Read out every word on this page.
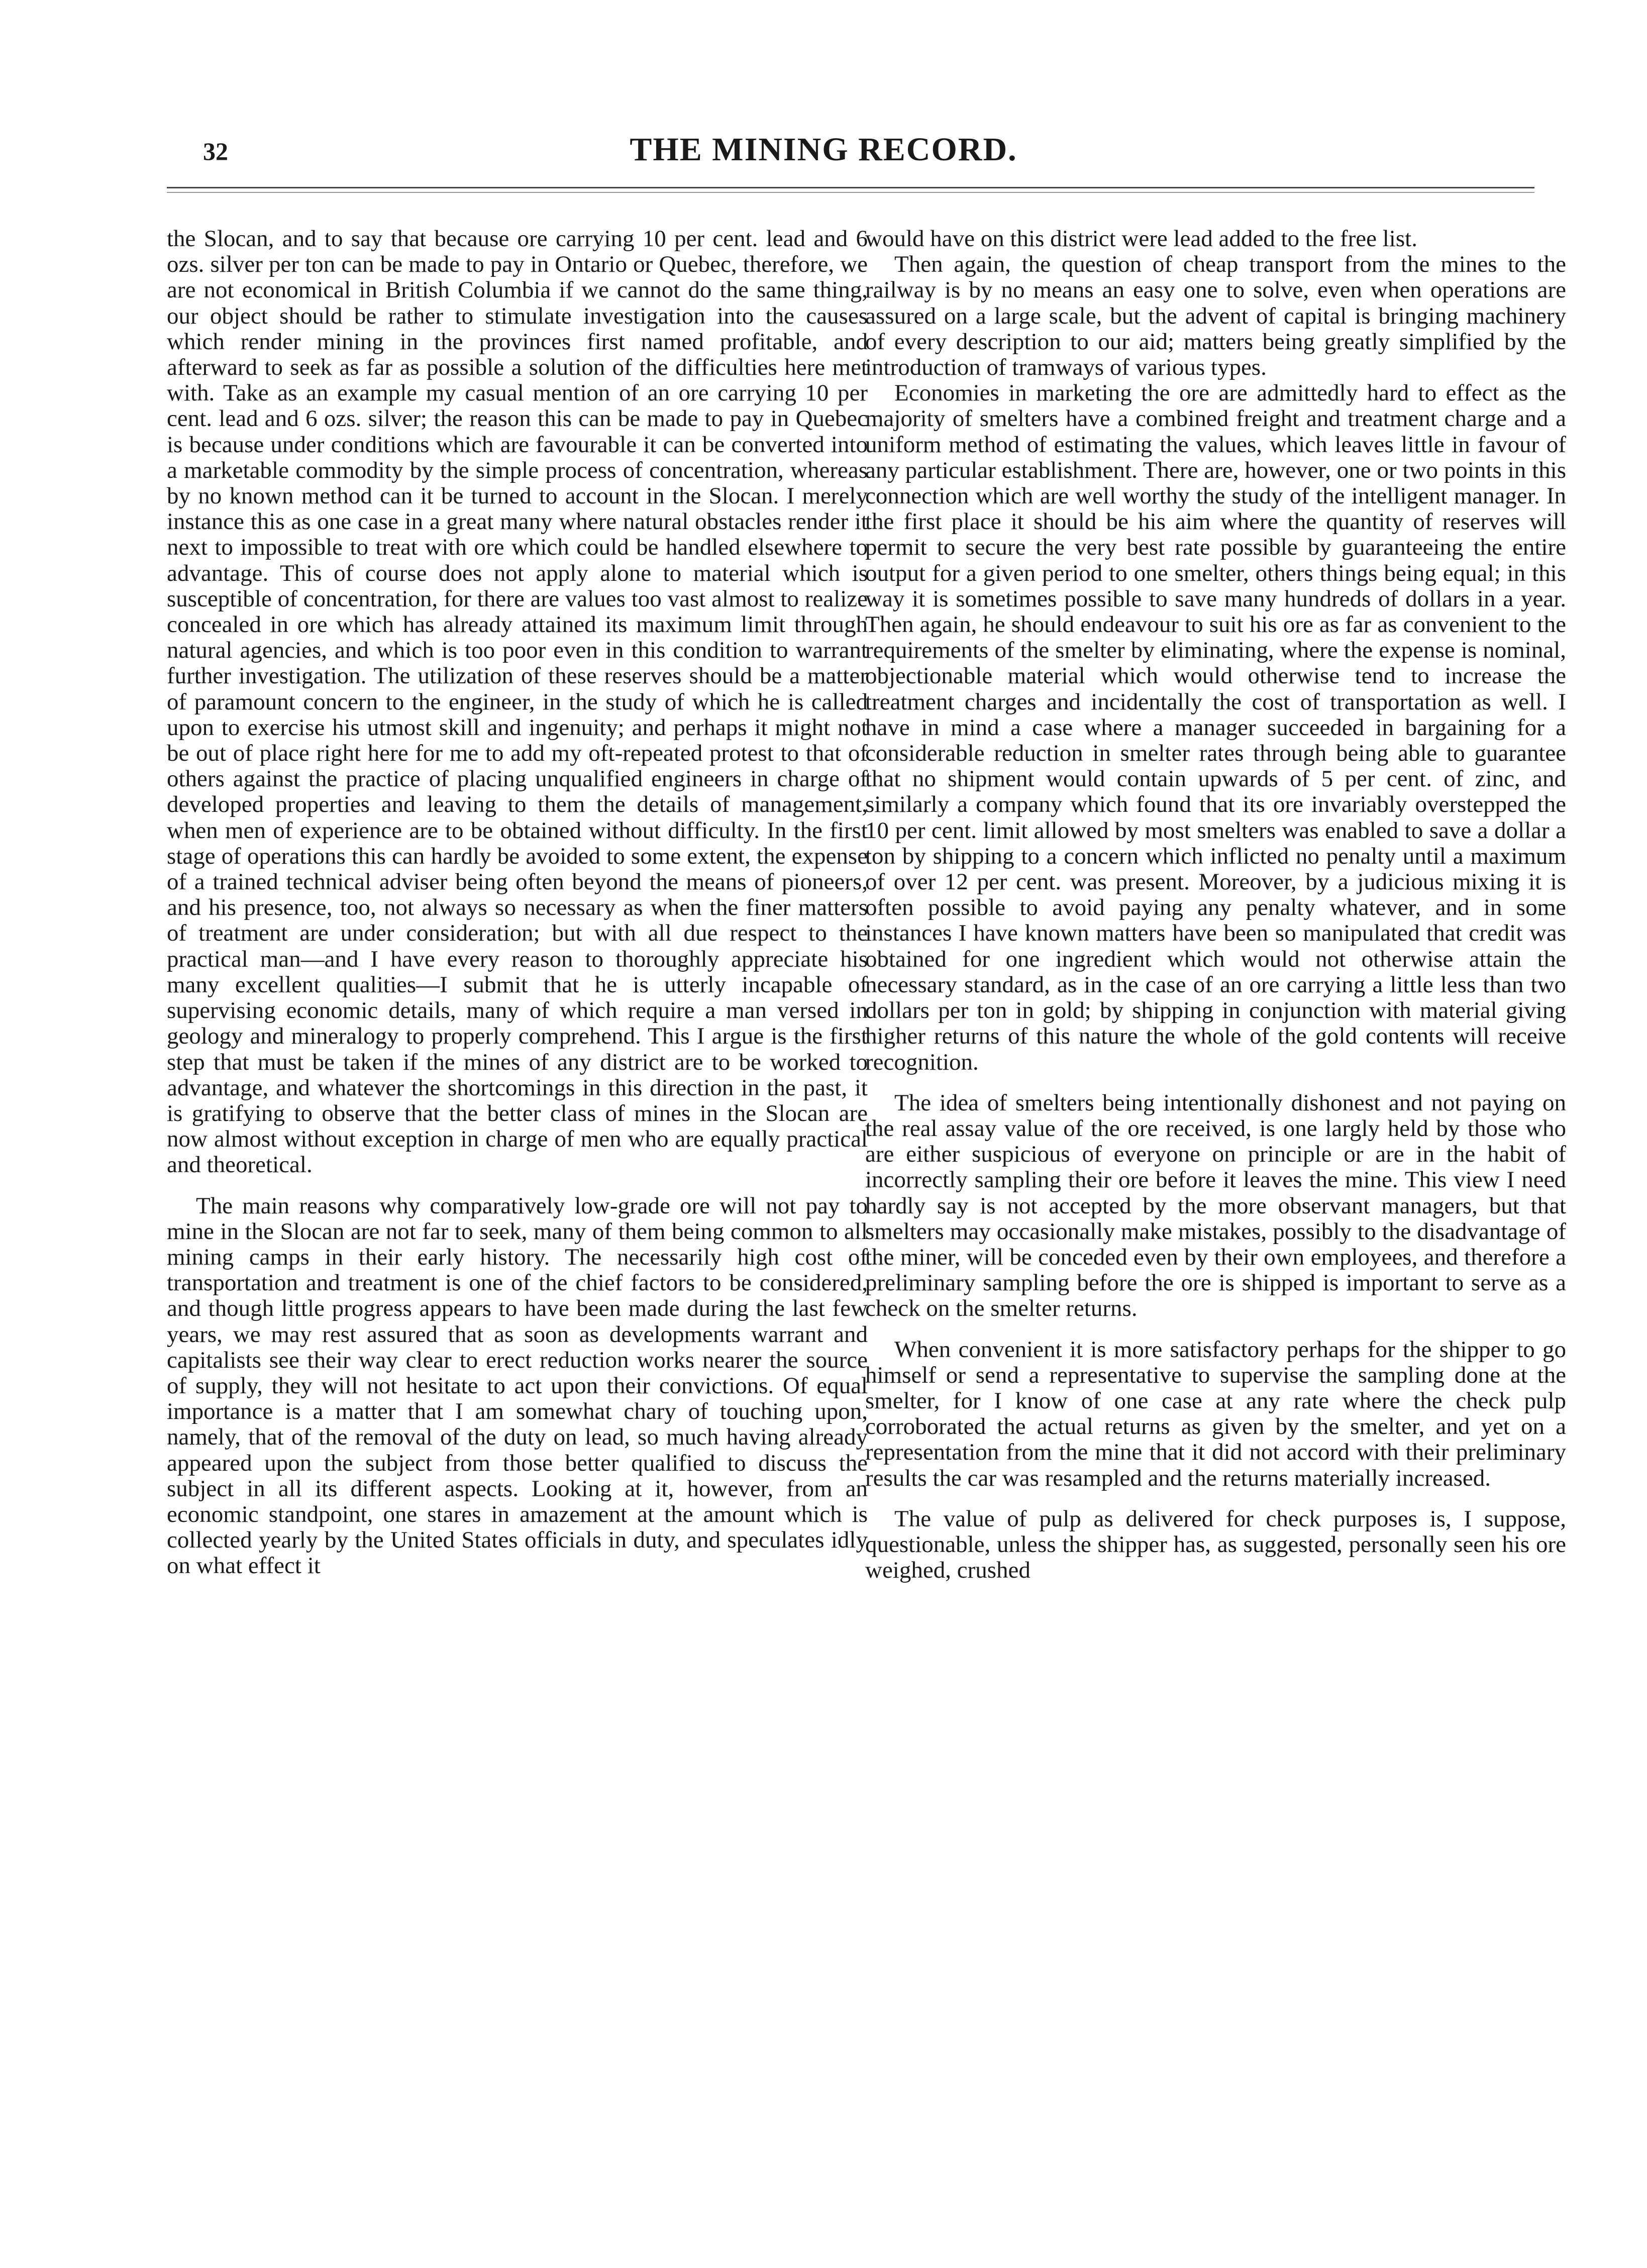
32	THE MINING RECORD.

the Slocan, and to say that because ore carrying 10 per cent. lead and 6 ozs. silver per ton can be made to pay in Ontario or Quebec, therefore, we are not economical in British Columbia if we cannot do the same thing, our object should be rather to stimulate investigation into the causes which render mining in the provinces first named profitable, and afterward to seek as far as possible a solution of the difficulties here met with. Take as an example my casual mention of an ore carrying 10 per cent. lead and 6 ozs. silver; the reason this can be made to pay in Quebec is because under conditions which are favourable it can be converted into a marketable commodity by the simple process of concentration, whereas by no known method can it be turned to account in the Slocan. I merely instance this as one case in a great many where natural obstacles render it next to impossible to treat with ore which could be handled elsewhere to advantage. This of course does not apply alone to material which is susceptible of concentration, for there are values too vast almost to realize concealed in ore which has already attained its maximum limit through natural agencies, and which is too poor even in this condition to warrant further investigation. The utilization of these reserves should be a matter of paramount concern to the engineer, in the study of which he is called upon to exercise his utmost skill and ingenuity; and perhaps it might not be out of place right here for me to add my oft-repeated protest to that of others against the practice of placing unqualified engineers in charge of developed properties and leaving to them the details of management, when men of experience are to be obtained without difficulty. In the first stage of operations this can hardly be avoided to some extent, the expense of a trained technical adviser being often beyond the means of pioneers, and his presence, too, not always so necessary as when the finer matters of treatment are under consideration; but with all due respect to the practical man—and I have every reason to thoroughly appreciate his many excellent qualities—I submit that he is utterly incapable of supervising economic details, many of which require a man versed in geology and mineralogy to properly comprehend. This I argue is the first step that must be taken if the mines of any district are to be worked to advantage, and whatever the shortcomings in this direction in the past, it is gratifying to observe that the better class of mines in the Slocan are now almost without exception in charge of men who are equally practical and theoretical.

The main reasons why comparatively low-grade ore will not pay to mine in the Slocan are not far to seek, many of them being common to all mining camps in their early history. The necessarily high cost of transportation and treatment is one of the chief factors to be considered, and though little progress appears to have been made during the last few years, we may rest assured that as soon as developments warrant and capitalists see their way clear to erect reduction works nearer the source of supply, they will not hesitate to act upon their convictions. Of equal importance is a matter that I am somewhat chary of touching upon, namely, that of the removal of the duty on lead, so much having already appeared upon the subject from those better qualified to discuss the subject in all its different aspects. Looking at it, however, from an economic standpoint, one stares in amazement at the amount which is collected yearly by the United States officials in duty, and speculates idly on what effect it

would have on this district were lead added to the free list.

Then again, the question of cheap transport from the mines to the railway is by no means an easy one to solve, even when operations are assured on a large scale, but the advent of capital is bringing machinery of every description to our aid; matters being greatly simplified by the introduction of tramways of various types.

Economies in marketing the ore are admittedly hard to effect as the majority of smelters have a combined freight and treatment charge and a uniform method of estimating the values, which leaves little in favour of any particular establishment. There are, however, one or two points in this connection which are well worthy the study of the intelligent manager. In the first place it should be his aim where the quantity of reserves will permit to secure the very best rate possible by guaranteeing the entire output for a given period to one smelter, others things being equal; in this way it is sometimes possible to save many hundreds of dollars in a year. Then again, he should endeavour to suit his ore as far as convenient to the requirements of the smelter by eliminating, where the expense is nominal, objectionable material which would otherwise tend to increase the treatment charges and incidentally the cost of transportation as well. I have in mind a case where a manager succeeded in bargaining for a considerable reduction in smelter rates through being able to guarantee that no shipment would contain upwards of 5 per cent. of zinc, and similarly a company which found that its ore invariably overstepped the 10 per cent. limit allowed by most smelters was enabled to save a dollar a ton by shipping to a concern which inflicted no penalty until a maximum of over 12 per cent. was present. Moreover, by a judicious mixing it is often possible to avoid paying any penalty whatever, and in some instances I have known matters have been so manipulated that credit was obtained for one ingredient which would not otherwise attain the necessary standard, as in the case of an ore carrying a little less than two dollars per ton in gold; by shipping in conjunction with material giving higher returns of this nature the whole of the gold contents will receive recognition.

The idea of smelters being intentionally dishonest and not paying on the real assay value of the ore received, is one largly held by those who are either suspicious of everyone on principle or are in the habit of incorrectly sampling their ore before it leaves the mine. This view I need hardly say is not accepted by the more observant managers, but that smelters may occasionally make mistakes, possibly to the disadvantage of the miner, will be conceded even by their own employees, and therefore a preliminary sampling before the ore is shipped is important to serve as a check on the smelter returns.

When convenient it is more satisfactory perhaps for the shipper to go himself or send a representative to supervise the sampling done at the smelter, for I know of one case at any rate where the check pulp corroborated the actual returns as given by the smelter, and yet on a representation from the mine that it did not accord with their preliminary results the car was resampled and the returns materially increased.

The value of pulp as delivered for check purposes is, I suppose, questionable, unless the shipper has, as suggested, personally seen his ore weighed, crushed
